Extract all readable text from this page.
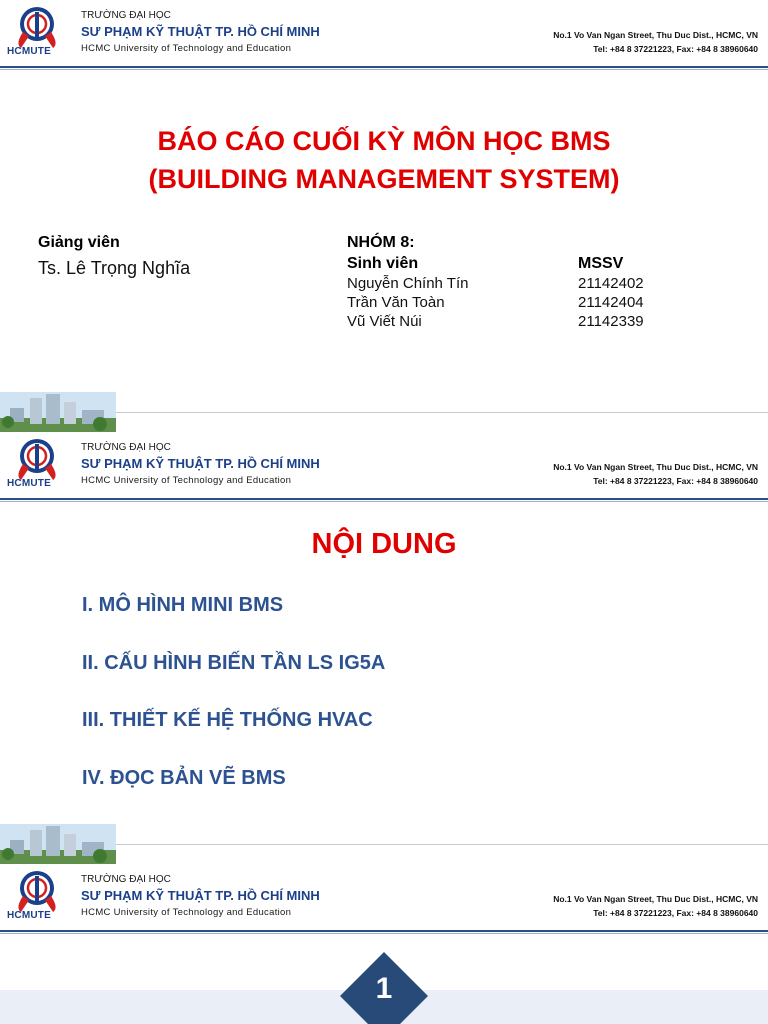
HCMUTE
TRƯỜNG ĐẠI HỌC
SƯ PHẠM KỸ THUẬT TP. HỒ CHÍ MINH
HCMC University of Technology and Education
No.1 Vo Van Ngan Street, Thu Duc Dist., HCMC, VN
Tel: +84 8 37221223, Fax: +84 8 38960640
BÁO CÁO CUỐI KỲ MÔN HỌC BMS
(BUILDING MANAGEMENT SYSTEM)
Giảng viên
Ts. Lê Trọng Nghĩa
NHÓM 8:
Sinh viên	MSSV
Nguyễn Chính Tín	21142402
Trần Văn Toàn	21142404
Vũ Viết Núi	21142339
HCMUTE
TRƯỜNG ĐẠI HỌC
SƯ PHẠM KỸ THUẬT TP. HỒ CHÍ MINH
HCMC University of Technology and Education
No.1 Vo Van Ngan Street, Thu Duc Dist., HCMC, VN
Tel: +84 8 37221223, Fax: +84 8 38960640
NỘI DUNG
I. MÔ HÌNH MINI BMS
II. CẤU HÌNH BIẾN TẦN LS IG5A
III. THIẾT KẾ HỆ THỐNG HVAC
IV. ĐỌC BẢN VẼ BMS
HCMUTE
TRƯỜNG ĐẠI HỌC
SƯ PHẠM KỸ THUẬT TP. HỒ CHÍ MINH
HCMC University of Technology and Education
No.1 Vo Van Ngan Street, Thu Duc Dist., HCMC, VN
Tel: +84 8 37221223, Fax: +84 8 38960640
1
